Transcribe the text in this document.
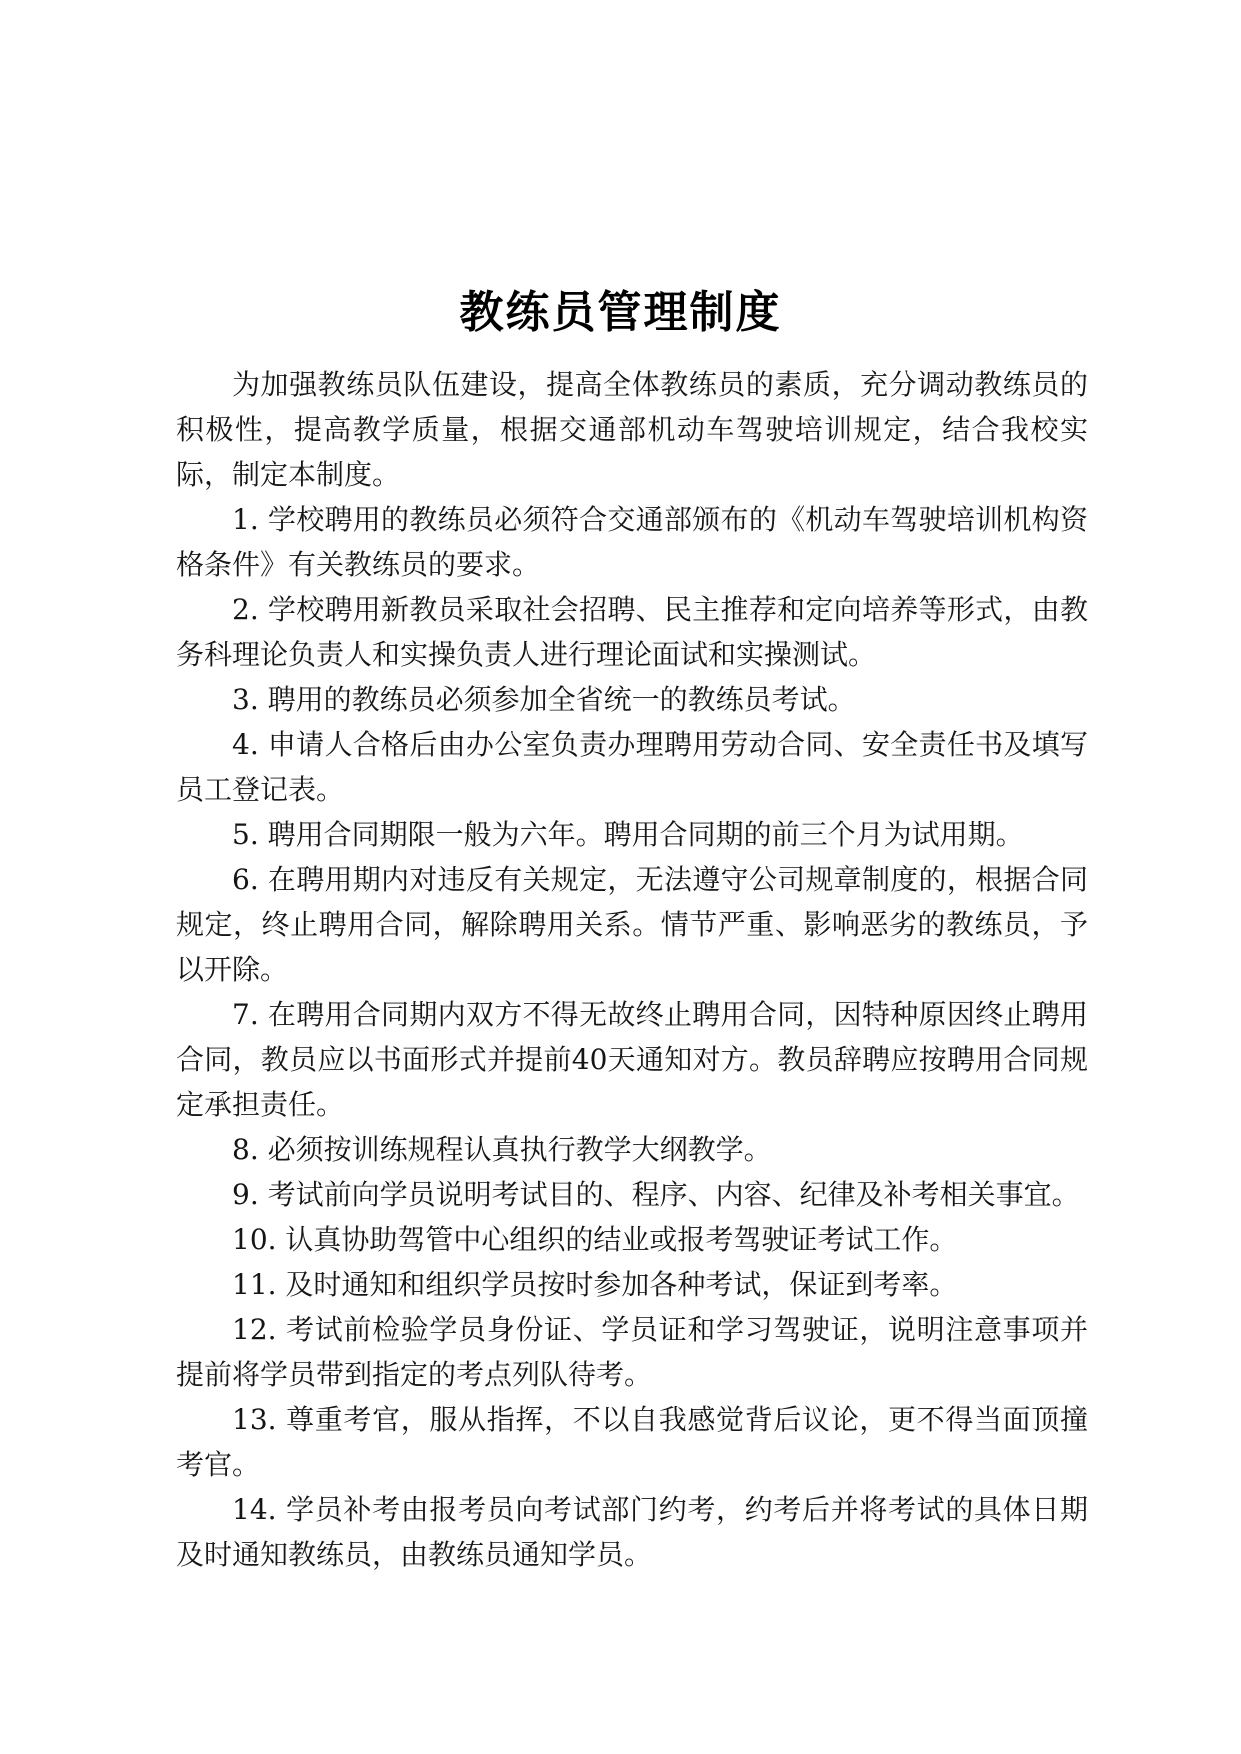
教练员管理制度

为加强教练员队伍建设，提高全体教练员的素质，充分调动教练员的积极性，提高教学质量，根据交通部机动车驾驶培训规定，结合我校实际，制定本制度。

1. 学校聘用的教练员必须符合交通部颁布的《机动车驾驶培训机构资格条件》有关教练员的要求。

2. 学校聘用新教员采取社会招聘、民主推荐和定向培养等形式，由教务科理论负责人和实操负责人进行理论面试和实操测试。

3. 聘用的教练员必须参加全省统一的教练员考试。

4. 申请人合格后由办公室负责办理聘用劳动合同、安全责任书及填写员工登记表。

5. 聘用合同期限一般为六年。聘用合同期的前三个月为试用期。

6. 在聘用期内对违反有关规定，无法遵守公司规章制度的，根据合同规定，终止聘用合同，解除聘用关系。情节严重、影响恶劣的教练员，予以开除。

7. 在聘用合同期内双方不得无故终止聘用合同，因特种原因终止聘用合同，教员应以书面形式并提前40天通知对方。教员辞聘应按聘用合同规定承担责任。

8. 必须按训练规程认真执行教学大纲教学。

9. 考试前向学员说明考试目的、程序、内容、纪律及补考相关事宜。

10. 认真协助驾管中心组织的结业或报考驾驶证考试工作。

11. 及时通知和组织学员按时参加各种考试，保证到考率。

12. 考试前检验学员身份证、学员证和学习驾驶证，说明注意事项并提前将学员带到指定的考点列队待考。

13. 尊重考官，服从指挥，不以自我感觉背后议论，更不得当面顶撞考官。

14. 学员补考由报考员向考试部门约考，约考后并将考试的具体日期及时通知教练员，由教练员通知学员。
